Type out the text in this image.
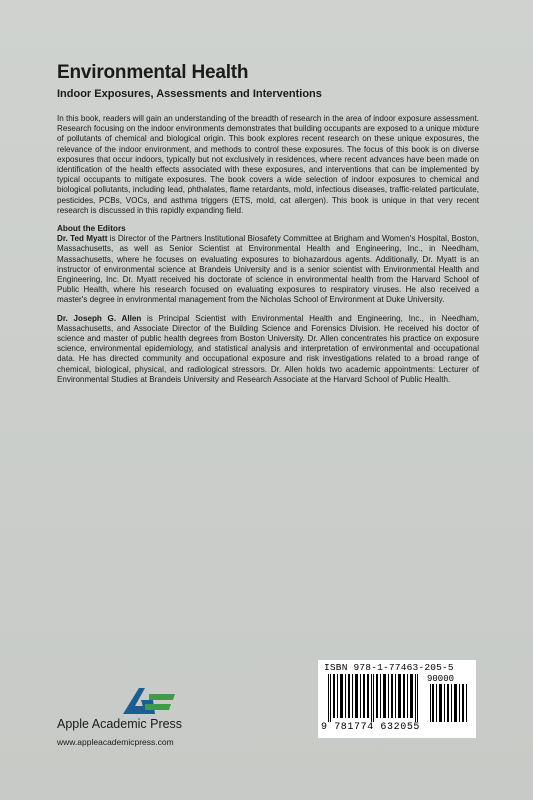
Environmental Health
Indoor Exposures, Assessments and Interventions

In this book, readers will gain an understanding of the breadth of research in the area of indoor exposure assessment. Research focusing on the indoor environments demonstrates that building occupants are exposed to a unique mixture of pollutants of chemical and biological origin. This book explores recent research on these unique exposures, the relevance of the indoor environment, and methods to control these exposures. The focus of this book is on diverse exposures that occur indoors, typically but not exclusively in residences, where recent advances have been made on identification of the health effects associated with these exposures, and interventions that can be implemented by typical occupants to mitigate exposures. The book covers a wide selection of indoor exposures to chemical and biological pollutants, including lead, phthalates, flame retardants, mold, infectious diseases, traffic-related particulate, pesticides, PCBs, VOCs, and asthma triggers (ETS, mold, cat allergen). This book is unique in that very recent research is discussed in this rapidly expanding field.

About the Editors

Dr. Ted Myatt is Director of the Partners Institutional Biosafety Committee at Brigham and Women's Hospital, Boston, Massachusetts, as well as Senior Scientist at Environmental Health and Engineering, Inc., in Needham, Massachusetts, where he focuses on evaluating exposures to biohazardous agents. Additionally, Dr. Myatt is an instructor of environmental science at Brandeis University and is a senior scientist with Environmental Health and Engineering, Inc. Dr. Myatt received his doctorate of science in environmental health from the Harvard School of Public Health, where his research focused on evaluating exposures to respiratory viruses. He also received a master's degree in environmental management from the Nicholas School of Environment at Duke University.

Dr. Joseph G. Allen is Principal Scientist with Environmental Health and Engineering, Inc., in Needham, Massachusetts, and Associate Director of the Building Science and Forensics Division. He received his doctor of science and master of public health degrees from Boston University. Dr. Allen concentrates his practice on exposure science, environmental epidemiology, and statistical analysis and interpretation of environmental and occupational data. He has directed community and occupational exposure and risk investigations related to a broad range of chemical, biological, physical, and radiological stressors. Dr. Allen holds two academic appointments: Lecturer of Environmental Studies at Brandeis University and Research Associate at the Harvard School of Public Health.

Apple Academic Press

www.appleacademicpress.com

ISBN 978-1-77463-205-5
90000
9 781774 632055
